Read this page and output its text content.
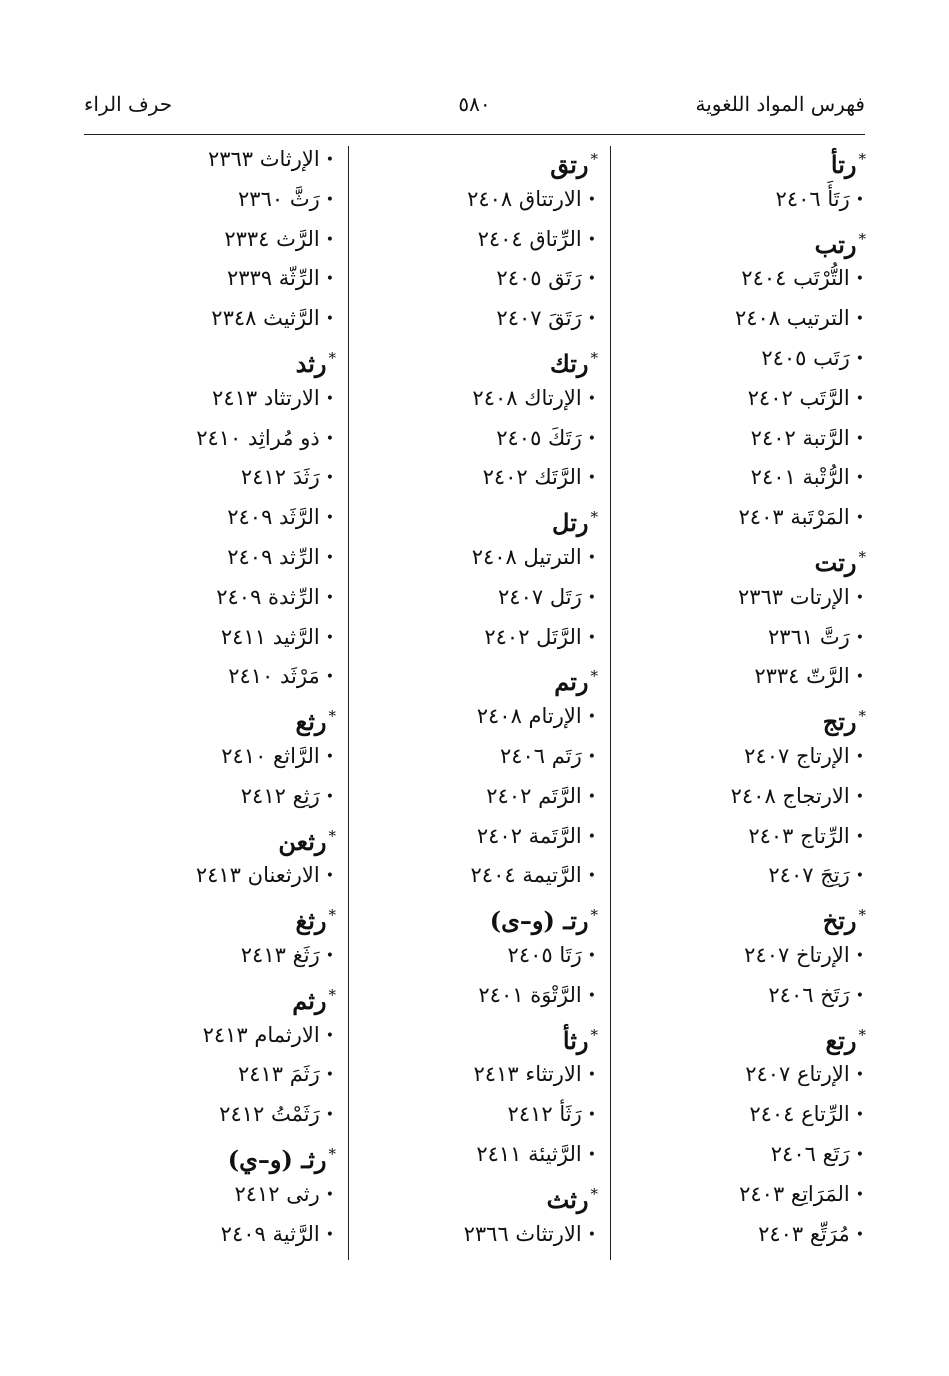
فهرس المواد اللغوية
٥٨٠
حرف الراء
*رتأ
•رَتَأَ ٢٤٠٦
*رتب
•التُّرْتَب ٢٤٠٤
•الترتيب ٢٤٠٨
•رَتَب ٢٤٠٥
•الرَّتَب ٢٤٠٢
•الرَّتبة ٢٤٠٢
•الرُّتْبة ٢٤٠١
•المَرْتَبة ٢٤٠٣
*رتت
•الإرتات ٢٣٦٣
•رَتَّ ٢٣٦١
•الرَّتّ ٢٣٣٤
*رتج
•الإرتاج ٢٤٠٧
•الارتجاج ٢٤٠٨
•الرِّتاج ٢٤٠٣
•رَتِجَ ٢٤٠٧
*رتخ
•الإرتاخ ٢٤٠٧
•رَتَخ ٢٤٠٦
*رتع
•الإرتاع ٢٤٠٧
•الرِّتاع ٢٤٠٤
•رَتَع ٢٤٠٦
•المَرَاتِع ٢٤٠٣
•مُرَتِّع ٢٤٠٣
*رتق
•الارتتاق ٢٤٠٨
•الرِّتاق ٢٤٠٤
•رَتَق ٢٤٠٥
•رَتَقَ ٢٤٠٧
*رتك
•الإرتاك ٢٤٠٨
•رَتَكَ ٢٤٠٥
•الرَّتَك ٢٤٠٢
*رتل
•الترتيل ٢٤٠٨
•رَتَل ٢٤٠٧
•الرَّتَل ٢٤٠٢
*رتم
•الإرتام ٢٤٠٨
•رَتَم ٢٤٠٦
•الرَّتَم ٢٤٠٢
•الرَّتَمة ٢٤٠٢
•الرَّتيمة ٢٤٠٤
*رتـ (و–ى)
•رَتَا ٢٤٠٥
•الرَّتْوَة ٢٤٠١
*رثأ
•الارتثاء ٢٤١٣
•رَثَأ ٢٤١٢
•الرَّثيئة ٢٤١١
*رثث
•الارتثاث ٢٣٦٦
•الإرثاث ٢٣٦٣
•رَثَّ ٢٣٦٠
•الرَّث ٢٣٣٤
•الرِّثّة ٢٣٣٩
•الرَّثيث ٢٣٤٨
*رثد
•الارتثاد ٢٤١٣
•ذو مُراثِد ٢٤١٠
•رَثَدَ ٢٤١٢
•الرَّثَد ٢٤٠٩
•الرِّثد ٢٤٠٩
•الرِّثدة ٢٤٠٩
•الرَّثيد ٢٤١١
•مَرْثَد ٢٤١٠
*رثع
•الرَّاثع ٢٤١٠
•رَثِع ٢٤١٢
*رثعن
•الارثعنان ٢٤١٣
*رثغ
•رَثَغ ٢٤١٣
*رثم
•الارثمام ٢٤١٣
•رَثَمَ ٢٤١٣
•رَثَمْتُ ٢٤١٢
*رثـ (و–ي)
•رثى ٢٤١٢
•الرَّثية ٢٤٠٩
